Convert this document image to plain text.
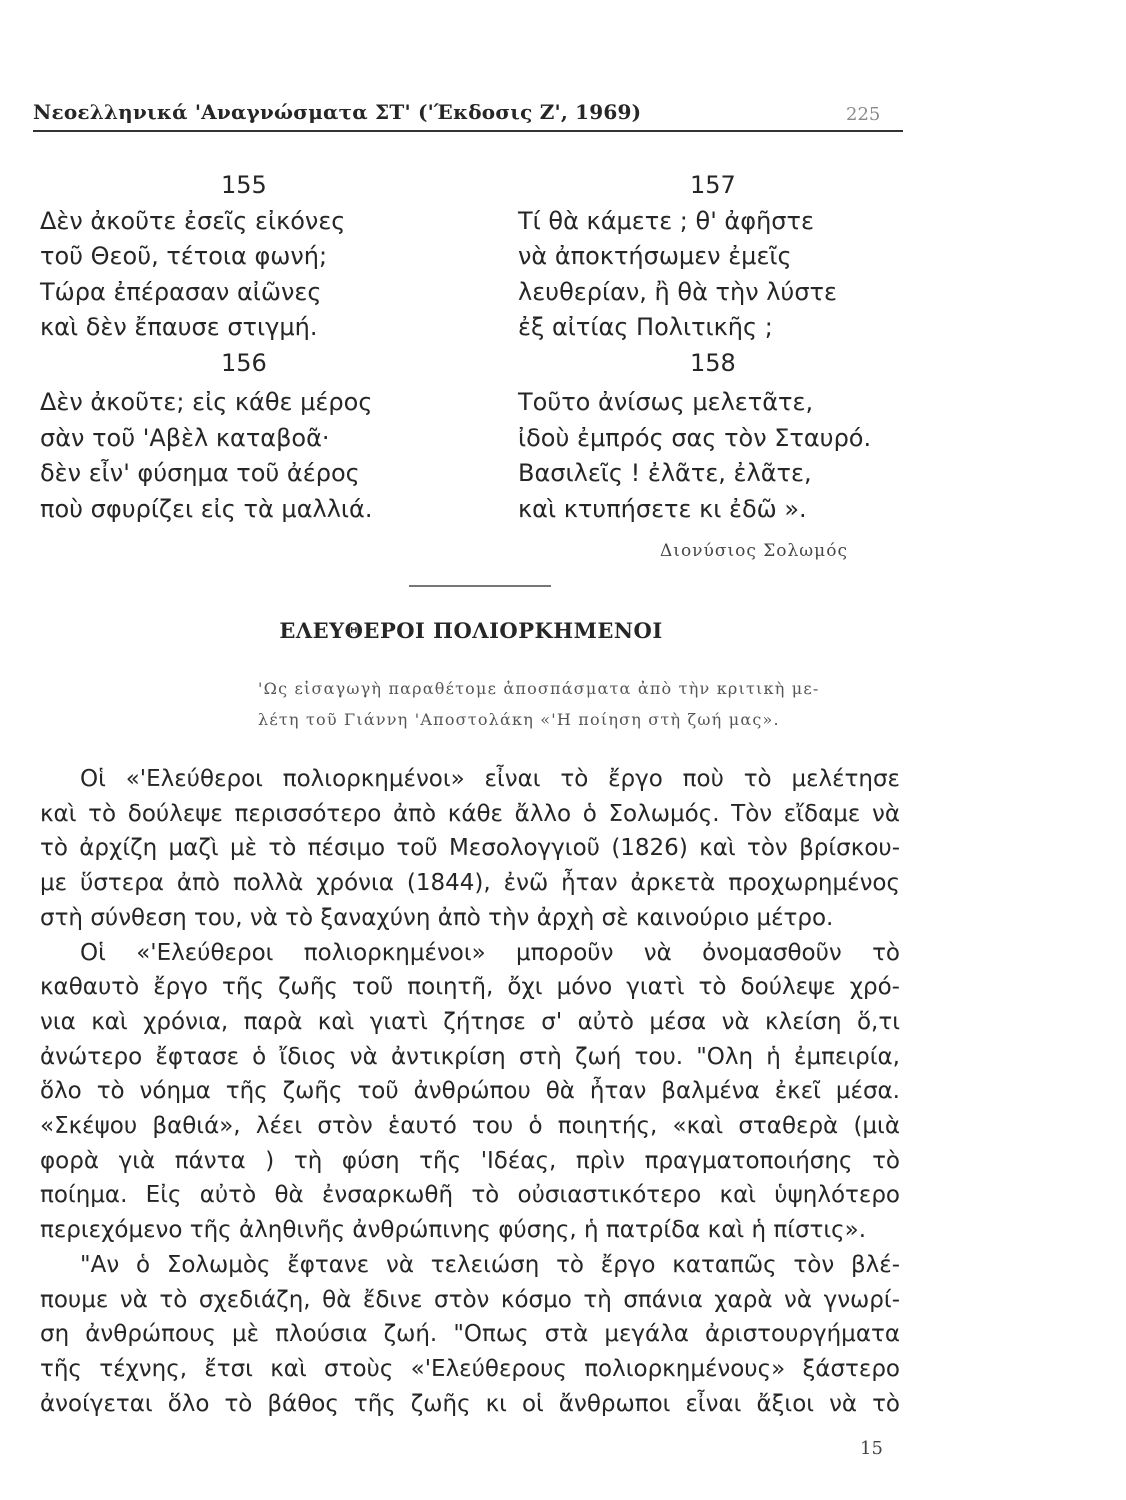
Νεοελληνικά 'Αναγνώσματα ΣΤ' ('Έκδοσις Ζ', 1969)	225
155
Δὲν ἀκοῦτε ἐσεῖς εἰκόνες
τοῦ Θεοῦ, τέτοια φωνή;
Τώρα ἐπέρασαν αἰῶνες
καὶ δὲν ἔπαυσε στιγμή.
156
Δὲν ἀκοῦτε; εἰς κάθε μέρος
σὰν τοῦ 'Αβὲλ καταβοᾶ·
δὲν εἶν' φύσημα τοῦ ἀέρος
ποὺ σφυρίζει εἰς τὰ μαλλιά.
157
Τί θὰ κάμετε ; θ' ἀφῆστε
νὰ ἀποκτήσωμεν ἐμεῖς
λευθερίαν, ἢ θὰ τὴν λύστε
ἐξ αἰτίας Πολιτικῆς ;
158
Τοῦτο ἀνίσως μελετᾶτε,
ἰδοὺ ἐμπρός σας τὸν Σταυρό.
Βασιλεῖς ! ἐλᾶτε, ἐλᾶτε,
καὶ κτυπήσετε κι ἐδῶ ».
Διονύσιος Σολωμός
ΕΛΕΥΘΕΡΟΙ ΠΟΛΙΟΡΚΗΜΕΝΟΙ
'Ως εἰσαγωγὴ παραθέτομε ἀποσπάσματα ἀπὸ τὴν κριτικὴ με-
λέτη τοῦ Γιάννη 'Αποστολάκη «'Η ποίηση στὴ ζωή μας».
Οἱ «'Ελεύθεροι πολιορκημένοι» εἶναι τὸ ἔργο ποὺ τὸ μελέτησε
καὶ τὸ δούλεψε περισσότερο ἀπὸ κάθε ἄλλο ὁ Σολωμός. Τὸν εἴδαμε νὰ
τὸ ἀρχίζη μαζὶ μὲ τὸ πέσιμο τοῦ Μεσολογγιοῦ (1826) καὶ τὸν βρίσκου-
με ὕστερα ἀπὸ πολλὰ χρόνια (1844), ἐνῶ ἦταν ἀρκετὰ προχωρημένος
στὴ σύνθεση του, νὰ τὸ ξαναχύνη ἀπὸ τὴν ἀρχὴ σὲ καινούριο μέτρο.
Οἱ «'Ελεύθεροι πολιορκημένοι» μποροῦν νὰ ὀνομασθοῦν τὸ
καθαυτὸ ἔργο τῆς ζωῆς τοῦ ποιητῆ, ὄχι μόνο γιατὶ τὸ δούλεψε χρό-
νια καὶ χρόνια, παρὰ καὶ γιατὶ ζήτησε σ' αὐτὸ μέσα νὰ κλείση ὅ,τι
ἀνώτερο ἔφτασε ὁ ἴδιος νὰ ἀντικρίση στὴ ζωή του. "Ολη ἡ ἐμπειρία,
ὅλο τὸ νόημα τῆς ζωῆς τοῦ ἀνθρώπου θὰ ἦταν βαλμένα ἐκεῖ μέσα.
«Σκέψου βαθιά», λέει στὸν ἑαυτό του ὁ ποιητής, «καὶ σταθερὰ (μιὰ
φορὰ γιὰ πάντα ) τὴ φύση τῆς 'Ιδέας, πρὶν πραγματοποιήσης τὸ
ποίημα. Εἰς αὐτὸ θὰ ἐνσαρκωθῆ τὸ οὐσιαστικότερο καὶ ὑψηλότερο
περιεχόμενο τῆς ἀληθινῆς ἀνθρώπινης φύσης, ἡ πατρίδα καὶ ἡ πίστις».
"Αν ὁ Σολωμὸς ἔφτανε νὰ τελειώση τὸ ἔργο καταπῶς τὸν βλέ-
πουμε νὰ τὸ σχεδιάζη, θὰ ἔδινε στὸν κόσμο τὴ σπάνια χαρὰ νὰ γνωρί-
ση ἀνθρώπους μὲ πλούσια ζωή. "Οπως στὰ μεγάλα ἀριστουργήματα
τῆς τέχνης, ἔτσι καὶ στοὺς «'Ελεύθερους πολιορκημένους» ξάστερο
ἀνοίγεται ὅλο τὸ βάθος τῆς ζωῆς κι οἱ ἄνθρωποι εἶναι ἄξιοι νὰ τὸ
15
